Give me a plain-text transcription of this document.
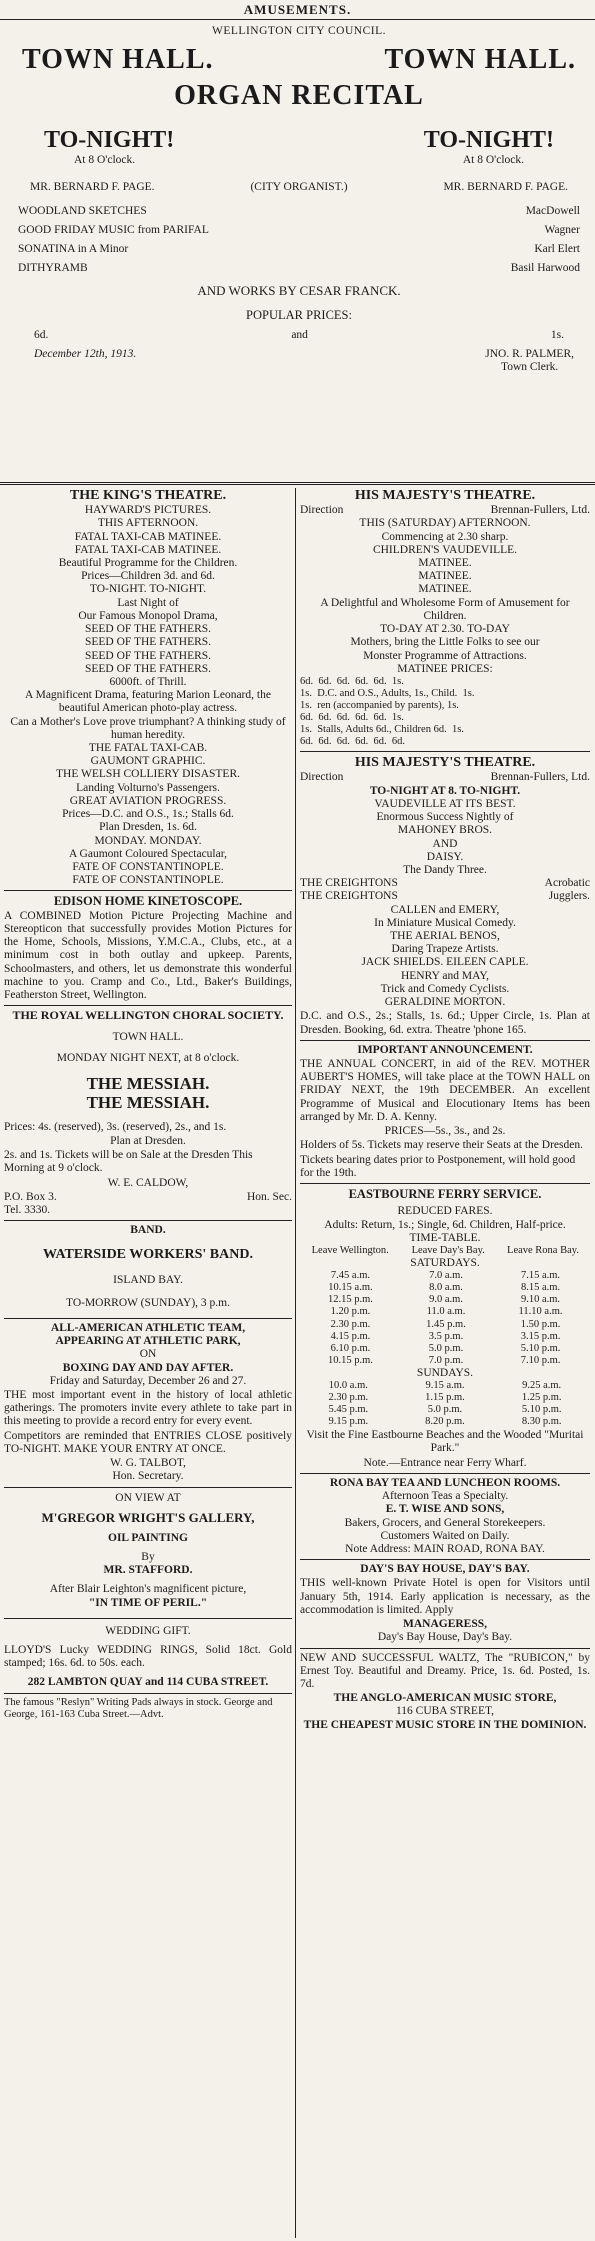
AMUSEMENTS.
WELLINGTON CITY COUNCIL.
TOWN HALL.	TOWN HALL.
ORGAN RECITAL
TO-NIGHT!	TO-NIGHT!
At 8 O'clock.	At 8 O'clock.
MR. BERNARD F. PAGE.	(CITY ORGANIST.)	MR. BERNARD F. PAGE.
WOODLAND SKETCHES	MacDowell
GOOD FRIDAY MUSIC from PARIFAL	Wagner
SONATINA in A Minor	Karl Elert
DITHYRAMB	Basil Harwood
AND WORKS BY CESAR FRANCK.
POPULAR PRICES:
6d.	and	1s.
December 12th, 1913.	JNO. R. PALMER,
Town Clerk.
THE KING'S THEATRE.
HAYWARD'S PICTURES.
THIS AFTERNOON.
FATAL TAXI-CAB MATINEE.
FATAL TAXI-CAB MATINEE.
Beautiful Programme for the Children.
Prices—Children 3d. and 6d.
TO-NIGHT. TO-NIGHT.
Last Night of
Our Famous Monopol Drama,
SEED OF THE FATHERS.
SEED OF THE FATHERS.
SEED OF THE FATHERS.
SEED OF THE FATHERS.
6000ft. of Thrill.
A Magnificent Drama, featuring Marion Leonard, the beautiful American photo-play actress.
Can a Mother's Love prove triumphant? A thinking study of human heredity.
THE FATAL TAXI-CAB.
GAUMONT GRAPHIC.
THE WELSH COLLIERY DISASTER.
Landing Volturno's Passengers.
GREAT AVIATION PROGRESS.
Prices—D.C. and O.S., 1s.; Stalls 6d.
Plan Dresden, 1s. 6d.
MONDAY. MONDAY.
A Gaumont Coloured Spectacular,
FATE OF CONSTANTINOPLE.
FATE OF CONSTANTINOPLE.
EDISON HOME KINETOSCOPE.

A COMBINED Motion Picture Projecting Machine and Stereopticon that successfully provides Motion Pictures for the Home, Schools, Missions, Y.M.C.A., Clubs, etc., at a minimum cost in both outlay and upkeep. Parents, Schoolmasters, and others, let us demonstrate this wonderful machine to you. Cramp and Co., Ltd., Baker's Buildings, Featherston Street, Wellington.

THE ROYAL WELLINGTON CHORAL SOCIETY.
TOWN HALL.
MONDAY NIGHT NEXT, at 8 o'clock.
THE MESSIAH.
THE MESSIAH.

Prices: 4s. (reserved), 3s. (reserved), 2s., and 1s.

Plan at Dresden.

2s. and 1s. Tickets will be on Sale at the Dresden This Morning at 9 o'clock.

W. E. CALDOW,

P.O. Box 3.	Hon. Sec.
Tel. 3330.
BAND.
WATERSIDE WORKERS' BAND.
ISLAND BAY.
TO-MORROW (SUNDAY), 3 p.m.
ALL-AMERICAN ATHLETIC TEAM,
APPEARING AT ATHLETIC PARK,
ON
BOXING DAY AND DAY AFTER.
Friday and Saturday, December 26 and 27.

THE most important event in the history of local athletic gatherings. The promoters invite every athlete to take part in this meeting to provide a record entry for every event.

Competitors are reminded that ENTRIES CLOSE positively TO-NIGHT. MAKE YOUR ENTRY AT ONCE.

W. G. TALBOT,
Hon. Secretary.
ON VIEW AT
M'GREGOR WRIGHT'S GALLERY,
OIL PAINTING
By
MR. STAFFORD.
After Blair Leighton's magnificent picture,
"IN TIME OF PERIL."
WEDDING GIFT.

LLOYD'S Lucky WEDDING RINGS, Solid 18ct. Gold stamped; 16s. 6d. to 50s. each.

282 LAMBTON QUAY and 114 CUBA STREET.

The famous "Reslyn" Writing Pads always in stock. George and George, 161-163 Cuba Street.—Advt.

HIS MAJESTY'S THEATRE.
Direction	Brennan-Fullers, Ltd.
THIS (SATURDAY) AFTERNOON.
Commencing at 2.30 sharp.
CHILDREN'S VAUDEVILLE.
MATINEE.
MATINEE.
MATINEE.
A Delightful and Wholesome Form of Amusement for Children.
TO-DAY AT 2.30. TO-DAY
Mothers, bring the Little Folks to see our
Monster Programme of Attractions.
MATINEE PRICES:
6d.  6d.  6d.  6d.  6d.  1s.
1s.  D.C. and O.S., Adults, 1s., Child.  1s.
1s.  ren (accompanied by parents), 1s.
6d.  6d.  6d.  6d.  6d.  1s.
1s.  Stalls, Adults 6d., Children 6d.  1s.
6d.  6d.  6d.  6d.  6d.  6d.
HIS MAJESTY'S THEATRE.
Direction	Brennan-Fullers, Ltd.
TO-NIGHT AT 8. TO-NIGHT.
VAUDEVILLE AT ITS BEST.
Enormous Success Nightly of
MAHONEY BROS.
AND
DAISY.
The Dandy Three.
THE CREIGHTONS	Acrobatic
THE CREIGHTONS	Jugglers.
CALLEN and EMERY,
In Miniature Musical Comedy.
THE AERIAL BENOS,
Daring Trapeze Artists.
JACK SHIELDS. EILEEN CAPLE.
HENRY and MAY,
Trick and Comedy Cyclists.
GERALDINE MORTON.

D.C. and O.S., 2s.; Stalls, 1s. 6d.; Upper Circle, 1s. Plan at Dresden. Booking, 6d. extra. Theatre 'phone 165.

IMPORTANT ANNOUNCEMENT.

THE ANNUAL CONCERT, in aid of the REV. MOTHER AUBERT'S HOMES, will take place at the TOWN HALL on FRIDAY NEXT, the 19th DECEMBER. An excellent Programme of Musical and Elocutionary Items has been arranged by Mr. D. A. Kenny.

PRICES—5s., 3s., and 2s.

Holders of 5s. Tickets may reserve their Seats at the Dresden.

Tickets bearing dates prior to Postponement, will hold good for the 19th.

EASTBOURNE FERRY SERVICE.
REDUCED FARES.
Adults: Return, 1s.; Single, 6d. Children, Half-price.
TIME-TABLE.
Leave Wellington.	Leave Day's Bay.	Leave Rona Bay.
SATURDAYS.
7.45 a.m.	7.0 a.m.	7.15 a.m.
10.15 a.m.	8.0 a.m.	8.15 a.m.
12.15 p.m.	9.0 a.m.	9.10 a.m.
1.20 p.m.	11.0 a.m.	11.10 a.m.
2.30 p.m.	1.45 p.m.	1.50 p.m.
4.15 p.m.	3.5 p.m.	3.15 p.m.
6.10 p.m.	5.0 p.m.	5.10 p.m.
10.15 p.m.	7.0 p.m.	7.10 p.m.
SUNDAYS.
10.0 a.m.	9.15 a.m.	9.25 a.m.
2.30 p.m.	1.15 p.m.	1.25 p.m.
5.45 p.m.	5.0 p.m.	5.10 p.m.
9.15 p.m.	8.20 p.m.	8.30 p.m.

Visit the Fine Eastbourne Beaches and the Wooded "Muritai Park."

Note.—Entrance near Ferry Wharf.

RONA BAY TEA AND LUNCHEON ROOMS.
Afternoon Teas a Specialty.
E. T. WISE AND SONS,
Bakers, Grocers, and General Storekeepers.
Customers Waited on Daily.
Note Address: MAIN ROAD, RONA BAY.
DAY'S BAY HOUSE, DAY'S BAY.

THIS well-known Private Hotel is open for Visitors until January 5th, 1914. Early application is necessary, as the accommodation is limited. Apply

MANAGERESS,
Day's Bay House, Day's Bay.

NEW AND SUCCESSFUL WALTZ, The "RUBICON," by Ernest Toy. Beautiful and Dreamy. Price, 1s. 6d. Posted, 1s. 7d.

THE ANGLO-AMERICAN MUSIC STORE,
116 CUBA STREET,
THE CHEAPEST MUSIC STORE IN THE DOMINION.
